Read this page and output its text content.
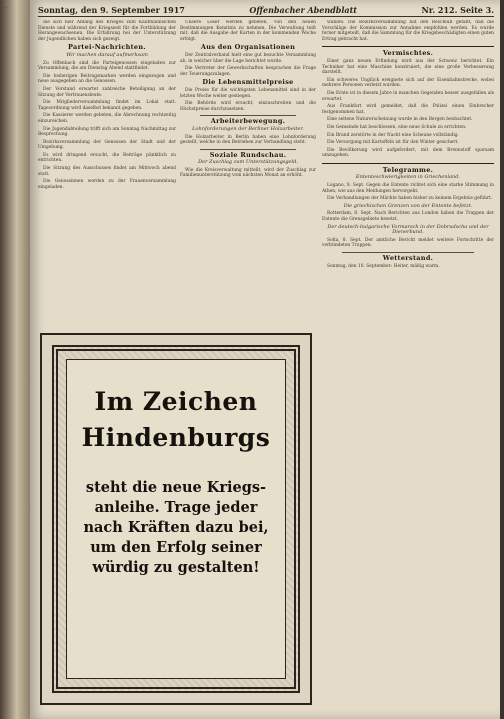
......	Sonntag, den 9. September 1917	Offenbacher Abendblatt	Nr. 212. Seite 3.

die sich hier Anfang des Krieges zum Kaufmännischen Dienste und während der Kriegszeit für die Fortbildung der Herangewachsenen. Die Erfahrung bei der Unterstützung der Jugendlichen haben sich gezeigt.

Partei-Nachrichten.
Wir machen darauf aufmerksam

Zu Offenbach sind die Parteigenossen eingeladen zur Versammlung, die am Dienstag Abend stattfindet.

Die bisherigen Beitragsmarken werden eingezogen und neue ausgegeben an die Genossen.

Der Vorstand erwartet zahlreiche Beteiligung an der Sitzung der Vertrauensleute.

Die Mitgliederversammlung findet im Lokal statt. Tagesordnung wird daselbst bekannt gegeben.

Die Kassierer werden gebeten, die Abrechnung rechtzeitig einzureichen.

Die Jugendabteilung trifft sich am Sonntag Nachmittag zur Besprechung.

Bezirksversammlung der Genossen der Stadt und der Umgebung.

Es wird dringend ersucht, die Beiträge pünktlich zu entrichten.

Die Sitzung des Ausschusses findet am Mittwoch abend statt.

Die Genossinnen werden zu der Frauenversammlung eingeladen.

Unsere Leser werden gebeten, von den neuen Bestimmungen Kenntnis zu nehmen. Die Verwaltung teilt mit, daß die Ausgabe der Karten in der kommenden Woche erfolgt.

Aus den Organisationen

Der Zentralverband hielt eine gut besuchte Versammlung ab, in welcher über die Lage berichtet wurde.

Die Vertreter der Gewerkschaften besprachen die Frage der Teuerungszulagen.

Die Lebensmittelpreise

Die Preise für die wichtigsten Lebensmittel sind in der letzten Woche weiter gestiegen.

Die Behörde wird ersucht, einzuschreiten und die Höchstpreise durchzusetzen.

Arbeiterbewegung.
Lohnforderungen der Berliner Holzarbeiter.

Die Holzarbeiter in Berlin haben eine Lohnforderung gestellt, welche in den Betrieben zur Verhandlung steht.

Soziale Rundschau.
Der Zuschlag zum Unterstützungsgeld.

Wie die Kreisverwaltung mitteilt, wird der Zuschlag zur Familienunterstützung vom nächsten Monat an erhöht.

wählen. Die Bezirksversammlung hat den Beschluß gefaßt, daß die Vorschläge der Kommission zur Annahme empfohlen werden. Es wurde ferner mitgeteilt, daß die Sammlung für die Kriegsbeschädigten einen guten Ertrag gebracht hat.

Vermischtes.

Einer ganz neuen Erfindung wird aus der Schweiz berichtet. Ein Techniker hat eine Maschine konstruiert, die eine große Verbesserung darstellt.

Ein schweres Unglück ereignete sich auf der Eisenbahnstrecke, wobei mehrere Personen verletzt wurden.

Die Ernte ist in diesem Jahre in manchen Gegenden besser ausgefallen als erwartet.

Aus Frankfurt wird gemeldet, daß die Polizei einen Einbrecher festgenommen hat.

Eine seltene Naturerscheinung wurde in den Bergen beobachtet.

Die Gemeinde hat beschlossen, eine neue Schule zu errichten.

Ein Brand zerstörte in der Nacht eine Scheune vollständig.

Die Versorgung mit Kartoffeln ist für den Winter gesichert.

Die Bevölkerung wird aufgefordert, mit dem Brennstoff sparsam umzugehen.

Telegramme.
Ententeschwierigkeiten in Griechenland.

Lugano, 8. Sept. Gegen die Entente richtet sich eine starke Stimmung in Athen, wie aus den Meldungen hervorgeht.

Die Verhandlungen der Mächte haben bisher zu keinem Ergebnis geführt.

Die griechischen Grenzen von der Entente befetzt.

Rotterdam, 8. Sept. Nach Berichten aus London haben die Truppen der Entente die Grenzgebiete besetzt.

Der deutsch-bulgarische Vormarsch in der Dobrudscha und der Dienerbund.

Sofia, 8. Sept. Der amtliche Bericht meldet weitere Fortschritte der verbündeten Truppen.

Wetterstand.

Sonntag, den 10. September: Heiter, mäßig warm.

Im Zeichen
Hindenburgs
steht die neue Kriegs-
anleihe. Trage jeder
nach Kräften dazu bei,
um den Erfolg seiner
würdig zu gestalten!
